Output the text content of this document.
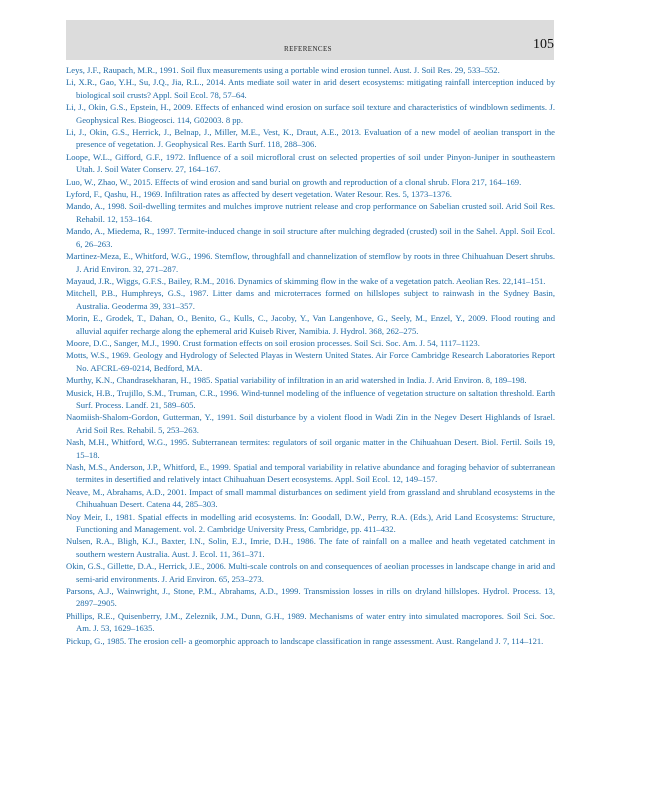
REFERENCES	105
Leys, J.F., Raupach, M.R., 1991. Soil flux measurements using a portable wind erosion tunnel. Aust. J. Soil Res. 29, 533–552.
Li, X.R., Gao, Y.H., Su, J.Q., Jia, R.L., 2014. Ants mediate soil water in arid desert ecosystems: mitigating rainfall interception induced by biological soil crusts? Appl. Soil Ecol. 78, 57–64.
Li, J., Okin, G.S., Epstein, H., 2009. Effects of enhanced wind erosion on surface soil texture and characteristics of windblown sediments. J. Geophysical Res. Biogeosci. 114, G02003. 8 pp.
Li, J., Okin, G.S., Herrick, J., Belnap, J., Miller, M.E., Vest, K., Draut, A.E., 2013. Evaluation of a new model of aeolian transport in the presence of vegetation. J. Geophysical Res. Earth Surf. 118, 288–306.
Loope, W.L., Gifford, G.F., 1972. Influence of a soil microfloral crust on selected properties of soil under Pinyon-Juniper in southeastern Utah. J. Soil Water Conserv. 27, 164–167.
Luo, W., Zhao, W., 2015. Effects of wind erosion and sand burial on growth and reproduction of a clonal shrub. Flora 217, 164–169.
Lyford, F., Qashu, H., 1969. Infiltration rates as affected by desert vegetation. Water Resour. Res. 5, 1373–1376.
Mando, A., 1998. Soil-dwelling termites and mulches improve nutrient release and crop performance on Sabelian crusted soil. Arid Soil Res. Rehabil. 12, 153–164.
Mando, A., Miedema, R., 1997. Termite-induced change in soil structure after mulching degraded (crusted) soil in the Sahel. Appl. Soil Ecol. 6, 26–263.
Martinez-Meza, E., Whitford, W.G., 1996. Stemflow, throughfall and channelization of stemflow by roots in three Chihuahuan Desert shrubs. J. Arid Environ. 32, 271–287.
Mayaud, J.R., Wiggs, G.F.S., Bailey, R.M., 2016. Dynamics of skimming flow in the wake of a vegetation patch. Aeolian Res. 22,141–151.
Mitchell, P.B., Humphreys, G.S., 1987. Litter dams and microterraces formed on hillslopes subject to rainwash in the Sydney Basin, Australia. Geoderma 39, 331–357.
Morin, E., Grodek, T., Dahan, O., Benito, G., Kulls, C., Jacoby, Y., Van Langenhove, G., Seely, M., Enzel, Y., 2009. Flood routing and alluvial aquifer recharge along the ephemeral arid Kuiseb River, Namibia. J. Hydrol. 368, 262–275.
Moore, D.C., Sanger, M.J., 1990. Crust formation effects on soil erosion processes. Soil Sci. Soc. Am. J. 54, 1117–1123.
Motts, W.S., 1969. Geology and Hydrology of Selected Playas in Western United States. Air Force Cambridge Research Laboratories Report No. AFCRL-69-0214, Bedford, MA.
Murthy, K.N., Chandrasekharan, H., 1985. Spatial variability of infiltration in an arid watershed in India. J. Arid Environ. 8, 189–198.
Musick, H.B., Trujillo, S.M., Truman, C.R., 1996. Wind-tunnel modeling of the influence of vegetation structure on saltation threshold. Earth Surf. Process. Landf. 21, 589–605.
Naomiish-Shalom-Gordon, Gutterman, Y., 1991. Soil disturbance by a violent flood in Wadi Zin in the Negev Desert Highlands of Israel. Arid Soil Res. Rehabil. 5, 253–263.
Nash, M.H., Whitford, W.G., 1995. Subterranean termites: regulators of soil organic matter in the Chihuahuan Desert. Biol. Fertil. Soils 19, 15–18.
Nash, M.S., Anderson, J.P., Whitford, E., 1999. Spatial and temporal variability in relative abundance and foraging behavior of subterranean termites in desertified and relatively intact Chihuahuan Desert ecosystems. Appl. Soil Ecol. 12, 149–157.
Neave, M., Abrahams, A.D., 2001. Impact of small mammal disturbances on sediment yield from grassland and shrubland ecosystems in the Chihuahuan Desert. Catena 44, 285–303.
Noy Meir, I., 1981. Spatial effects in modelling arid ecosystems. In: Goodall, D.W., Perry, R.A. (Eds.), Arid Land Ecosystems: Structure, Functioning and Management. vol. 2. Cambridge University Press, Cambridge, pp. 411–432.
Nulsen, R.A., Bligh, K.J., Baxter, I.N., Solin, E.J., Imrie, D.H., 1986. The fate of rainfall on a mallee and heath vegetated catchment in southern western Australia. Aust. J. Ecol. 11, 361–371.
Okin, G.S., Gillette, D.A., Herrick, J.E., 2006. Multi-scale controls on and consequences of aeolian processes in landscape change in arid and semi-arid environments. J. Arid Environ. 65, 253–273.
Parsons, A.J., Wainwright, J., Stone, P.M., Abrahams, A.D., 1999. Transmission losses in rills on dryland hillslopes. Hydrol. Process. 13, 2897–2905.
Phillips, R.E., Quisenberry, J.M., Zeleznik, J.M., Dunn, G.H., 1989. Mechanisms of water entry into simulated macropores. Soil Sci. Soc. Am. J. 53, 1629–1635.
Pickup, G., 1985. The erosion cell- a geomorphic approach to landscape classification in range assessment. Aust. Rangeland J. 7, 114–121.
